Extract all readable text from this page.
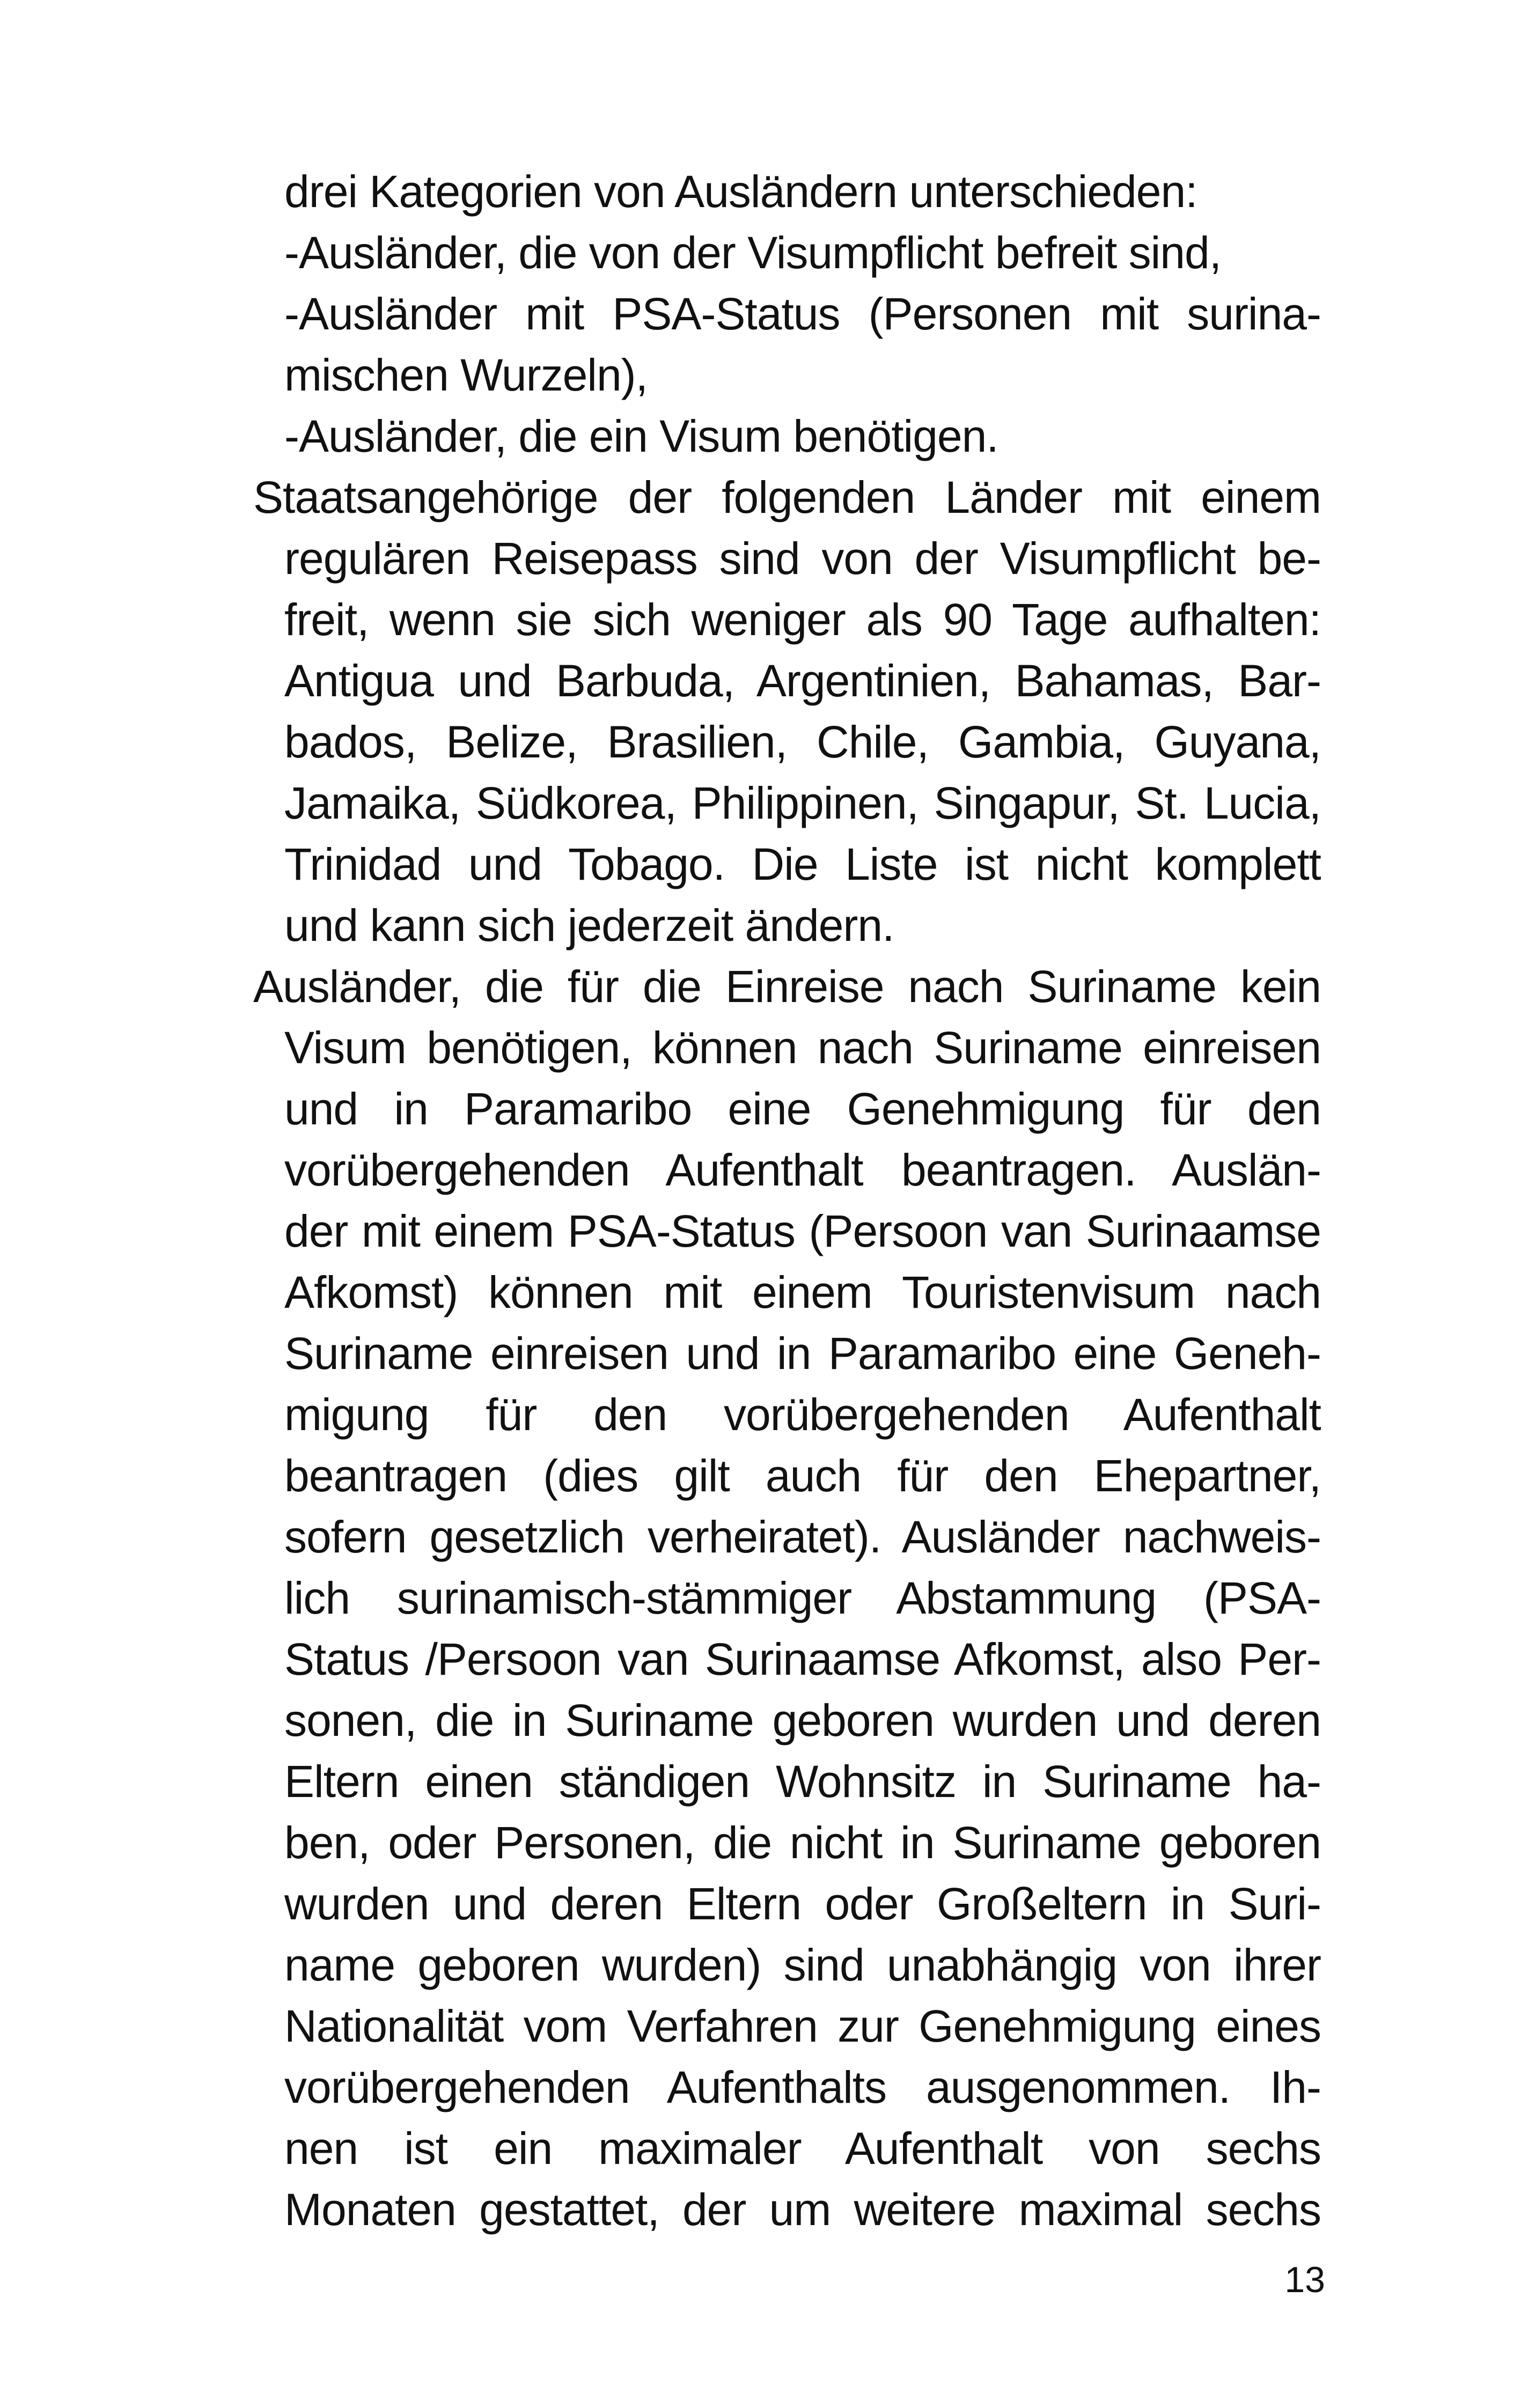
drei Kategorien von Ausländern unterschieden:
-Ausländer, die von der Visumpflicht befreit sind,
-Ausländer mit PSA-Status (Personen mit surina-
mischen Wurzeln),
-Ausländer, die ein Visum benötigen.
Staatsangehörige der folgenden Länder mit einem
regulären Reisepass sind von der Visumpflicht be-
freit, wenn sie sich weniger als 90 Tage aufhalten:
Antigua und Barbuda, Argentinien, Bahamas, Bar-
bados, Belize, Brasilien, Chile, Gambia, Guyana,
Jamaika, Südkorea, Philippinen, Singapur, St. Lucia,
Trinidad und Tobago. Die Liste ist nicht komplett
und kann sich jederzeit ändern.
Ausländer, die für die Einreise nach Suriname kein
Visum benötigen, können nach Suriname einreisen
und in Paramaribo eine Genehmigung für den
vorübergehenden Aufenthalt beantragen. Auslän-
der mit einem PSA-Status (Persoon van Surinaamse
Afkomst) können mit einem Touristenvisum nach
Suriname einreisen und in Paramaribo eine Geneh-
migung für den vorübergehenden Aufenthalt
beantragen (dies gilt auch für den Ehepartner,
sofern gesetzlich verheiratet). Ausländer nachweis-
lich surinamisch-stämmiger Abstammung (PSA-
Status /Persoon van Surinaamse Afkomst, also Per-
sonen, die in Suriname geboren wurden und deren
Eltern einen ständigen Wohnsitz in Suriname ha-
ben, oder Personen, die nicht in Suriname geboren
wurden und deren Eltern oder Großeltern in Suri-
name geboren wurden) sind unabhängig von ihrer
Nationalität vom Verfahren zur Genehmigung eines
vorübergehenden Aufenthalts ausgenommen. Ih-
nen ist ein maximaler Aufenthalt von sechs
Monaten gestattet, der um weitere maximal sechs
13
